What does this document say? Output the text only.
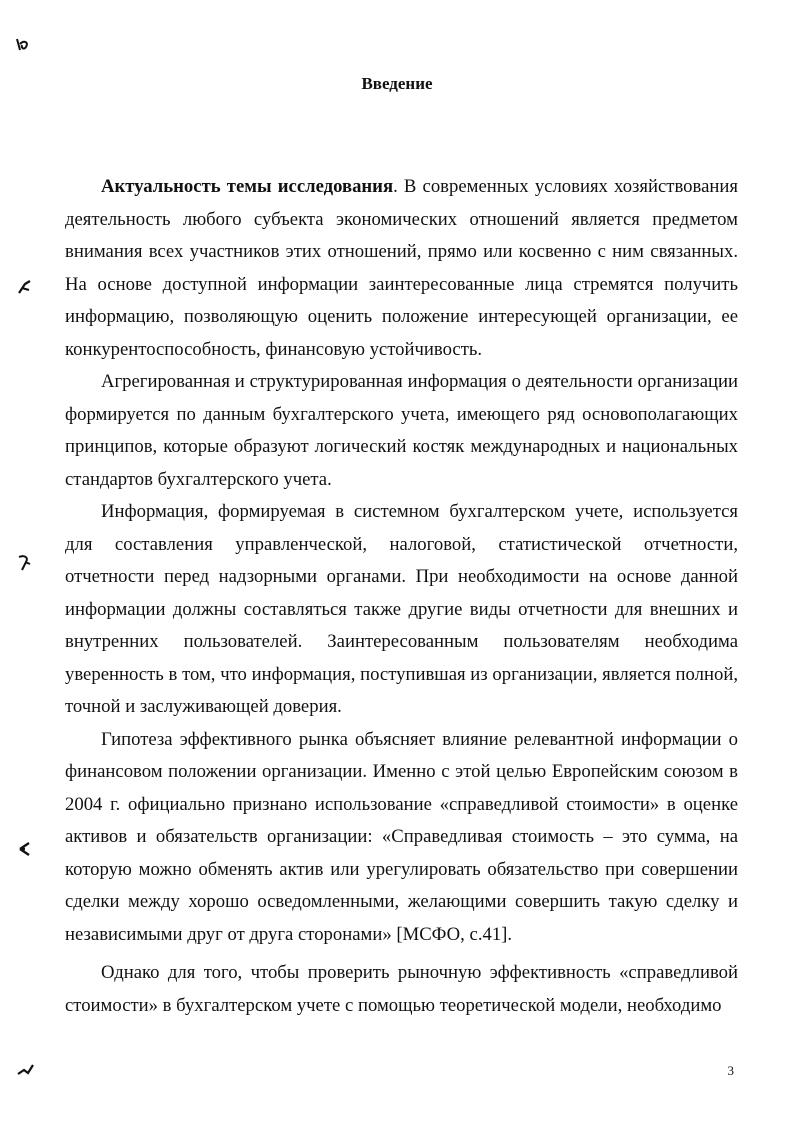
Введение

Актуальность темы исследования. В современных условиях хозяйствования деятельность любого субъекта экономических отношений является предметом внимания всех участников этих отношений, прямо или косвенно с ним связанных. На основе доступной информации заинтересованные лица стремятся получить информацию, позволяющую оценить положение интересующей организации, ее конкурентоспособность, финансовую устойчивость.

Агрегированная и структурированная информация о деятельности организации формируется по данным бухгалтерского учета, имеющего ряд основополагающих принципов, которые образуют логический костяк международных и национальных стандартов бухгалтерского учета.

Информация, формируемая в системном бухгалтерском учете, используется для составления управленческой, налоговой, статистической отчетности, отчетности перед надзорными органами. При необходимости на основе данной информации должны составляться также другие виды отчетности для внешних и внутренних пользователей. Заинтересованным пользователям необходима уверенность в том, что информация, поступившая из организации, является полной, точной и заслуживающей доверия.

Гипотеза эффективного рынка объясняет влияние релевантной информации о финансовом положении организации. Именно с этой целью Европейским союзом в 2004 г. официально признано использование «справедливой стоимости» в оценке активов и обязательств организации: «Справедливая стоимость – это сумма, на которую можно обменять актив или урегулировать обязательство при совершении сделки между хорошо осведомленными, желающими совершить такую сделку и независимыми друг от друга сторонами» [МСФО, с.41].

Однако для того, чтобы проверить рыночную эффективность «справедливой стоимости» в бухгалтерском учете с помощью теоретической модели, необходимо

3
